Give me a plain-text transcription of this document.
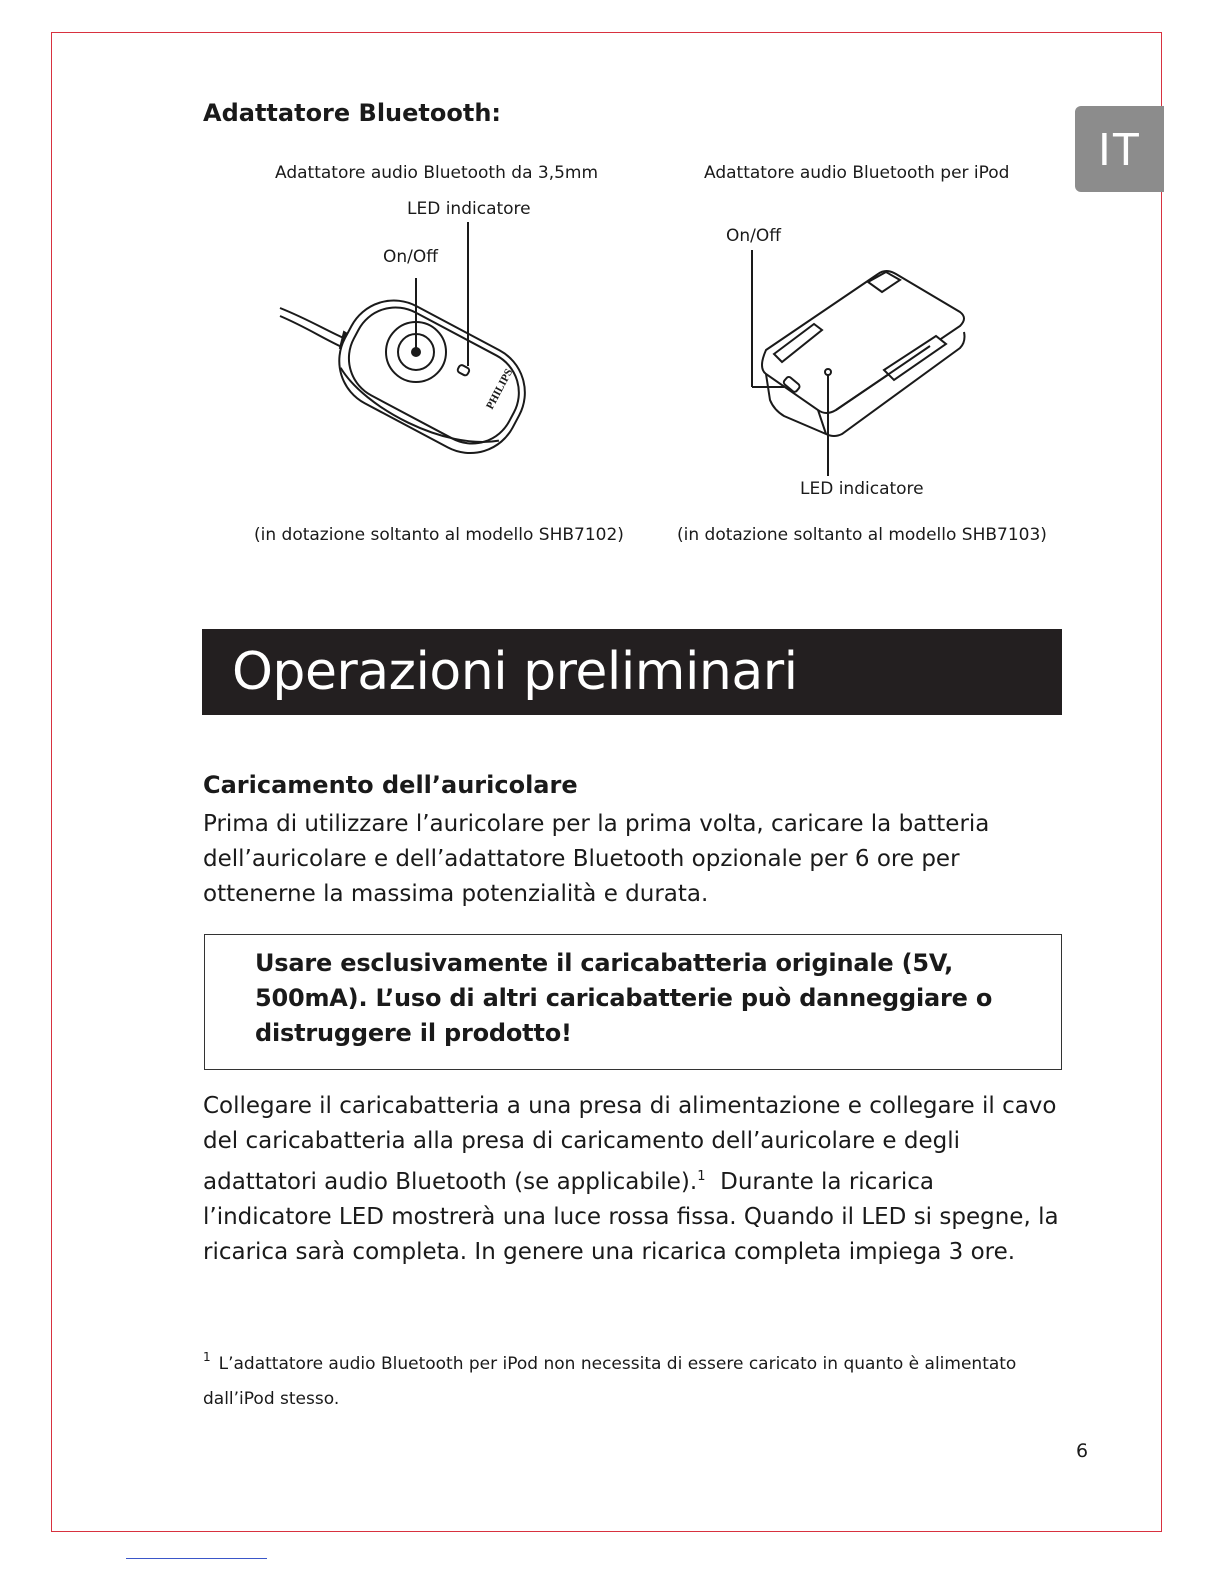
IT
Adattatore Bluetooth:

Adattatore audio Bluetooth da 3,5mm

LED indicatore

On/Off

(in dotazione soltanto al modello SHB7102)

PHILIPS

Adattatore audio Bluetooth per iPod

On/Off

LED indicatore

(in dotazione soltanto al modello SHB7103)

Operazioni preliminari
Caricamento dell’auricolare

Prima di utilizzare l’auricolare per la prima volta, caricare la batteria dell’auricolare e dell’adattatore Bluetooth opzionale per 6 ore per ottenerne la massima potenzialità e durata.

Usare esclusivamente il caricabatteria originale (5V, 500mA). L’uso di altri caricabatterie può danneggiare o distruggere il prodotto!

Collegare il caricabatteria a una presa di alimentazione e collegare il cavo del caricabatteria alla presa di caricamento dell’auricolare e degli adattatori audio Bluetooth (se applicabile).$^1$ Durante la ricarica l’indicatore LED mostrerà una luce rossa fissa. Quando il LED si spegne, la ricarica sarà completa. In genere una ricarica completa impiega 3 ore.

$^1$ L’adattatore audio Bluetooth per iPod non necessita di essere caricato in quanto è alimentato dall’iPod stesso.

6
